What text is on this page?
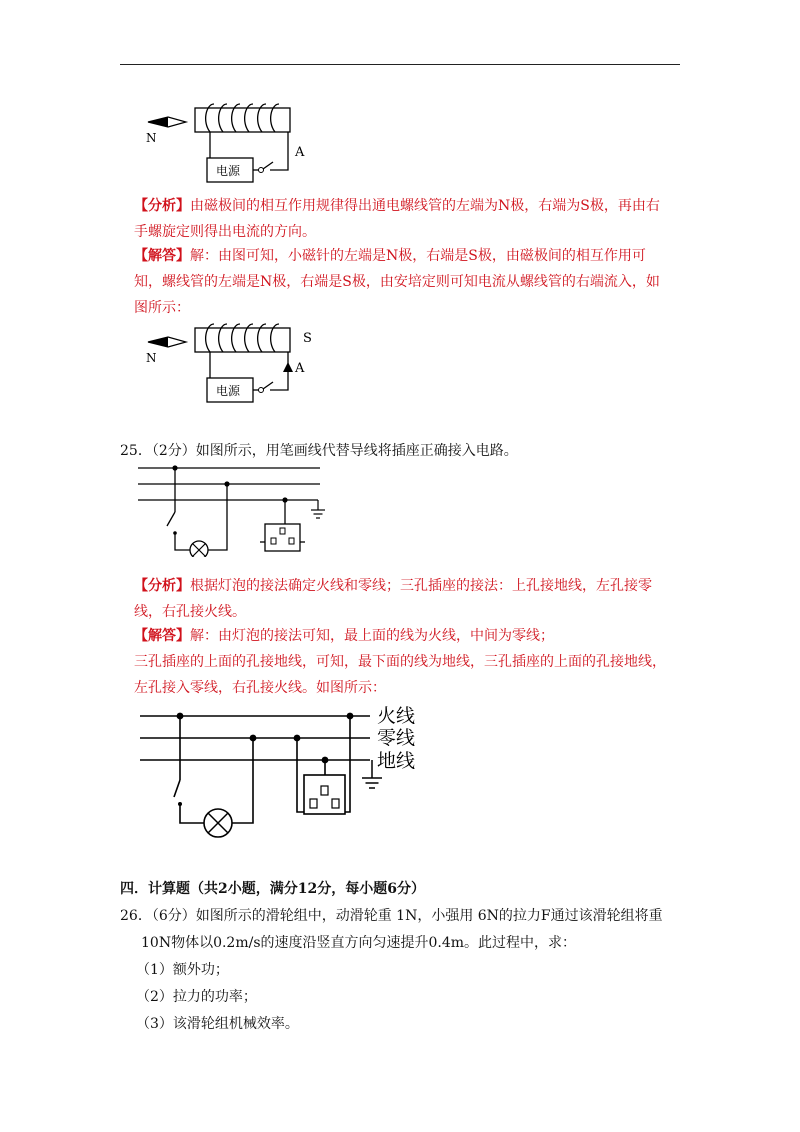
N
电源
A
【分析】由磁极间的相互作用规律得出通电螺线管的左端为N极，右端为S极，再由右手螺旋定则得出电流的方向。
【解答】解：由图可知，小磁针的左端是N极，右端是S极，由磁极间的相互作用可知，螺线管的左端是N极，右端是S极，由安培定则可知电流从螺线管的右端流入，如图所示：
N
S
电源
A
25．（2分）如图所示，用笔画线代替导线将插座正确接入电路。
【分析】根据灯泡的接法确定火线和零线；三孔插座的接法：上孔接地线，左孔接零线，右孔接火线。
【解答】解：由灯泡的接法可知，最上面的线为火线，中间为零线；
三孔插座的上面的孔接地线，可知，最下面的线为地线，三孔插座的上面的孔接地线，
左孔接入零线，右孔接火线。如图所示：
火线
零线
地线
四．计算题（共2小题，满分12分，每小题6分）
26．（6分）如图所示的滑轮组中，动滑轮重 1N，小强用 6N的拉力F通过该滑轮组将重
10N物体以0.2m/s的速度沿竖直方向匀速提升0.4m。此过程中，求：
（1）额外功；
（2）拉力的功率；
（3）该滑轮组机械效率。
